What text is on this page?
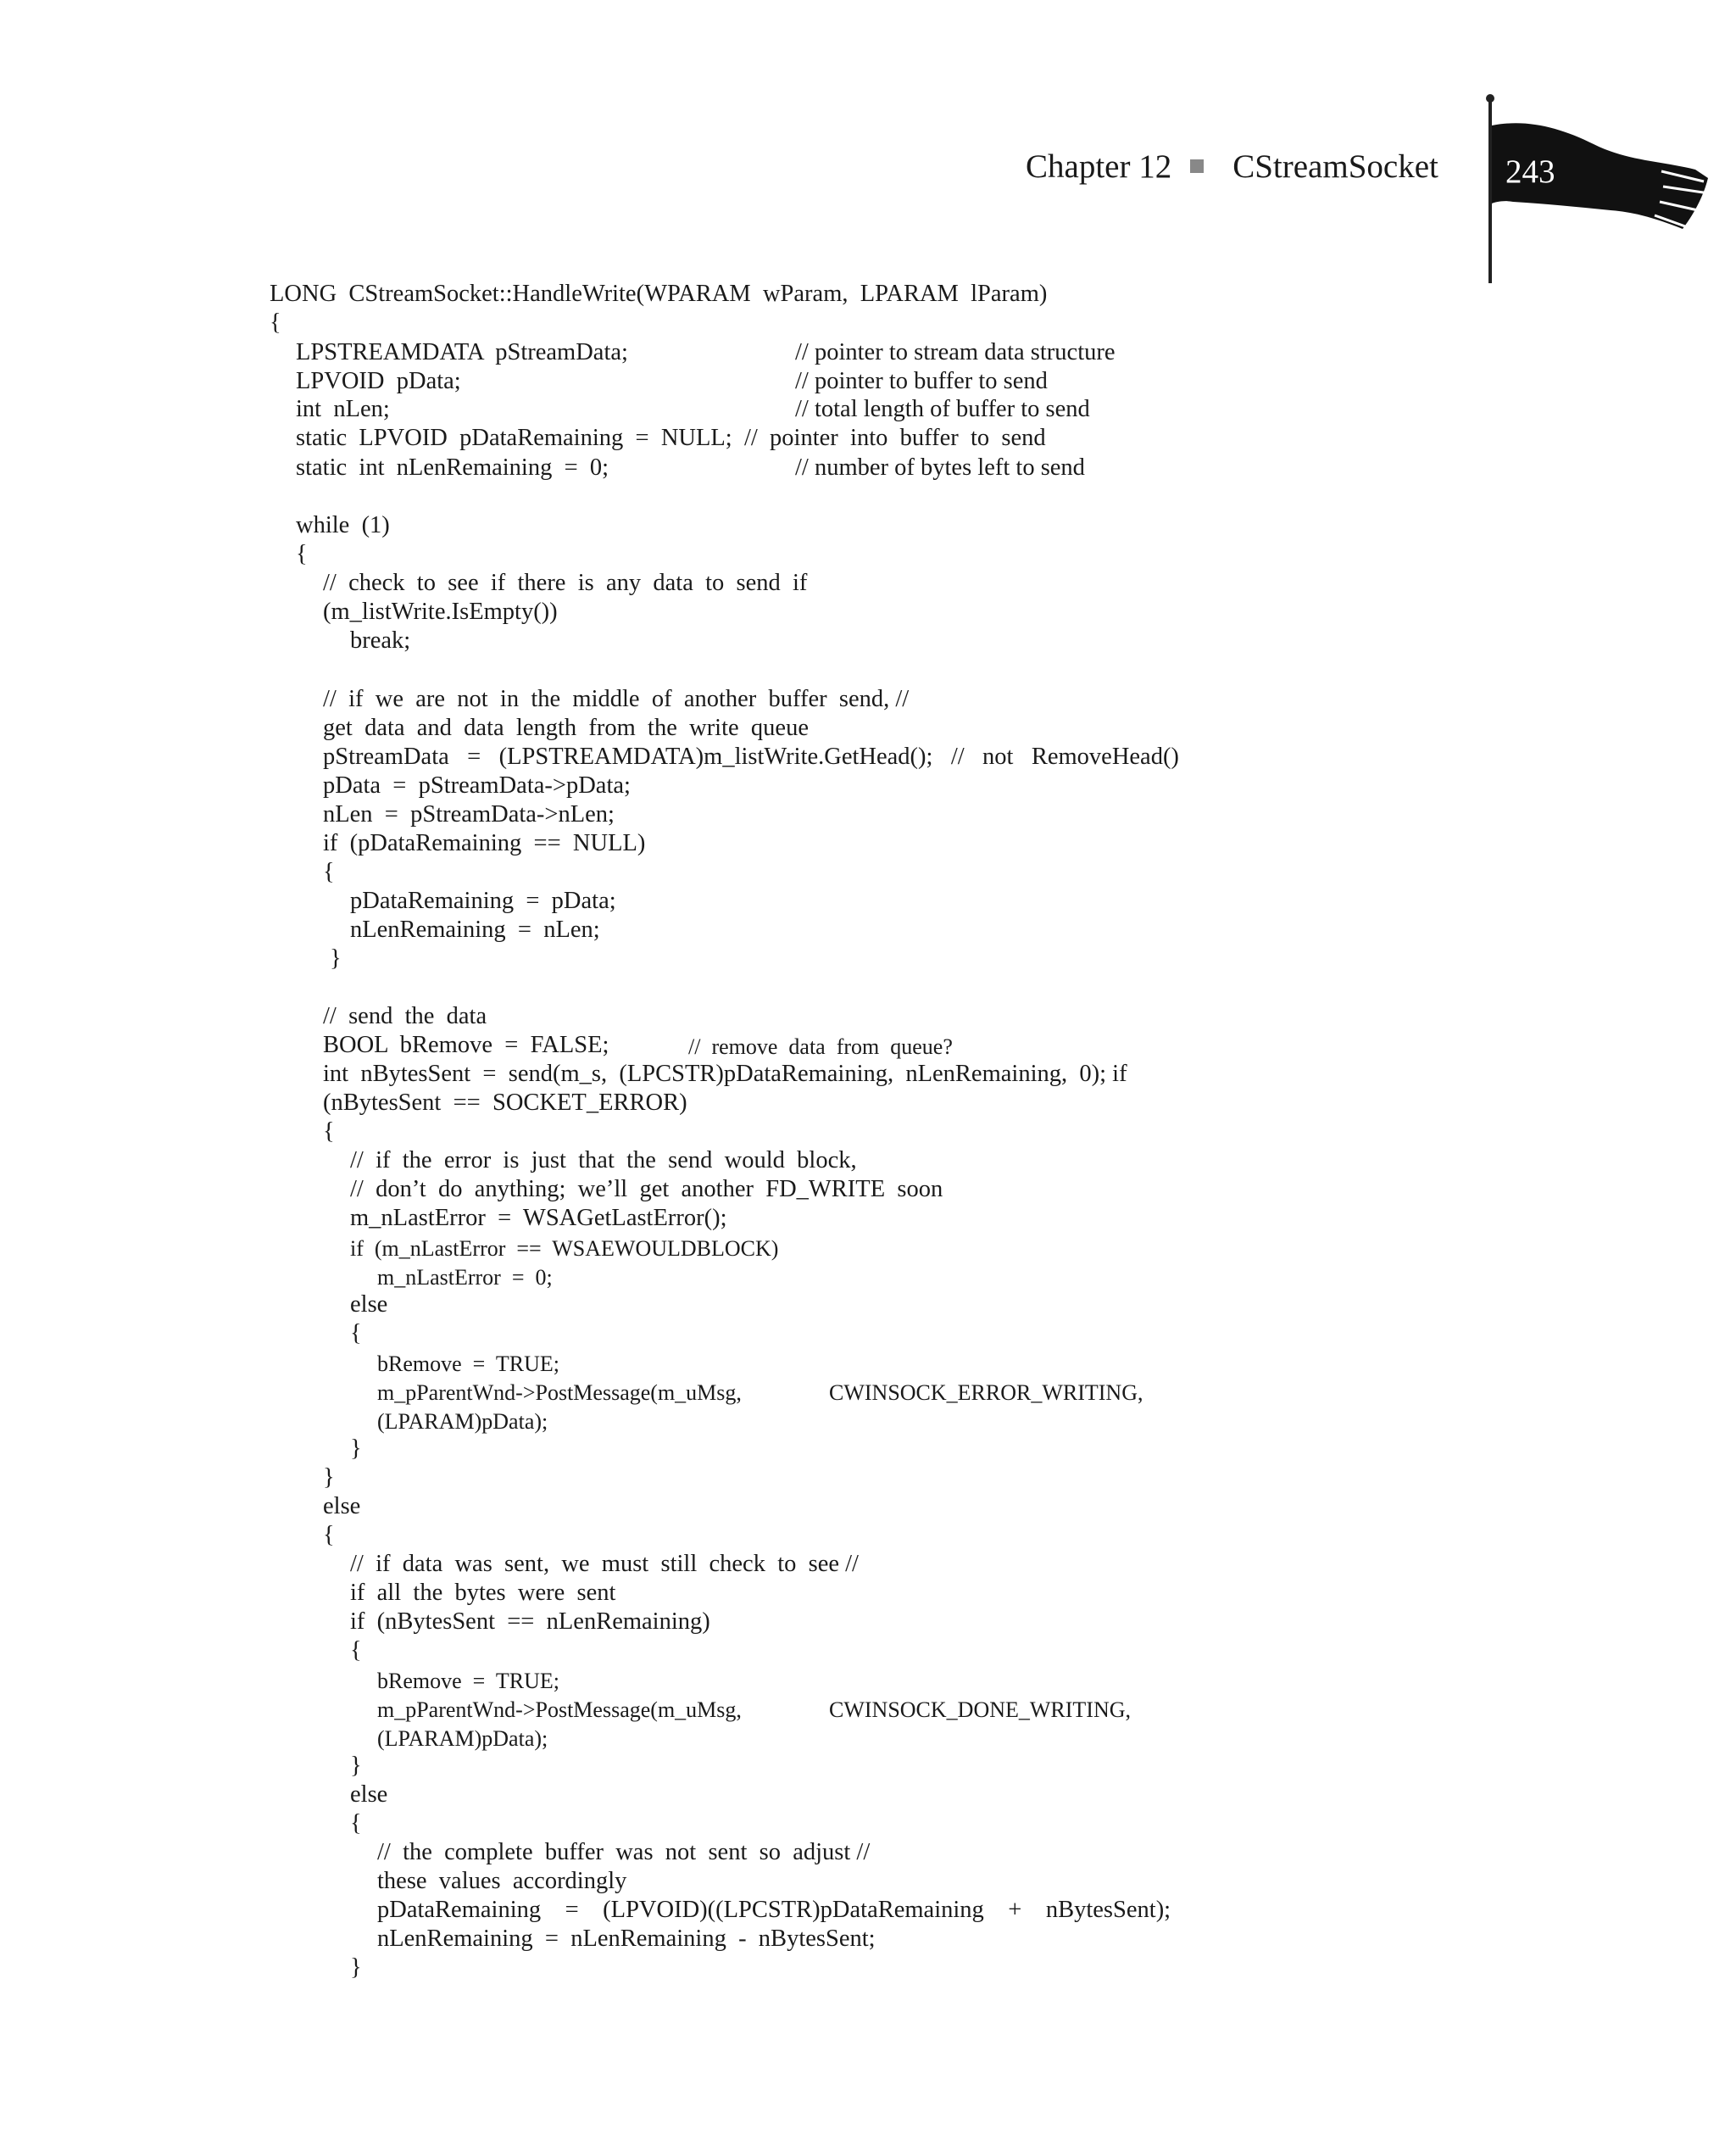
Chapter 12 CStreamSocket 243
LONG  CStreamSocket::HandleWrite(WPARAM  wParam,  LPARAM  lParam)
{
LPSTREAMDATA  pStreamData;	// pointer to stream data structure
LPVOID  pData;	// pointer to buffer to send
int  nLen;	// total length of buffer to send
static  LPVOID  pDataRemaining  =  NULL;  //  pointer  into  buffer  to  send
static  int  nLenRemaining  =  0;	// number of bytes left to send
while  (1)
{
//  check  to  see  if  there  is  any  data  to  send  if
(m_listWrite.IsEmpty())
break;
//  if  we  are  not  in  the  middle  of  another  buffer  send, //
get  data  and  data  length  from  the  write  queue
pStreamData   =   (LPSTREAMDATA)m_listWrite.GetHead();   //   not   RemoveHead()
pData  =  pStreamData->pData;
nLen  =  pStreamData->nLen;
if  (pDataRemaining  ==  NULL)
{
pDataRemaining  =  pData;
nLenRemaining  =  nLen;
}
//  send  the  data
BOOL  bRemove  =  FALSE;	//  remove  data  from  queue?
int  nBytesSent  =  send(m_s,  (LPCSTR)pDataRemaining,  nLenRemaining,  0); if
(nBytesSent  ==  SOCKET_ERROR)
{
//  if  the  error  is  just  that  the  send  would  block,
//  don’t  do  anything;  we’ll  get  another  FD_WRITE  soon
m_nLastError  =  WSAGetLastError();
if  (m_nLastError  ==  WSAEWOULDBLOCK)
m_nLastError  =  0;
else
{
bRemove  =  TRUE;
m_pParentWnd->PostMessage(m_uMsg,	CWINSOCK_ERROR_WRITING,
(LPARAM)pData);
}
}
else
{
//  if  data  was  sent,  we  must  still  check  to  see //
if  all  the  bytes  were  sent
if  (nBytesSent  ==  nLenRemaining)
{
bRemove  =  TRUE;
m_pParentWnd->PostMessage(m_uMsg,	CWINSOCK_DONE_WRITING,
(LPARAM)pData);
}
else
{
//  the  complete  buffer  was  not  sent  so  adjust //
these  values  accordingly
pDataRemaining    =    (LPVOID)((LPCSTR)pDataRemaining    +    nBytesSent);
nLenRemaining  =  nLenRemaining  -  nBytesSent;
}
